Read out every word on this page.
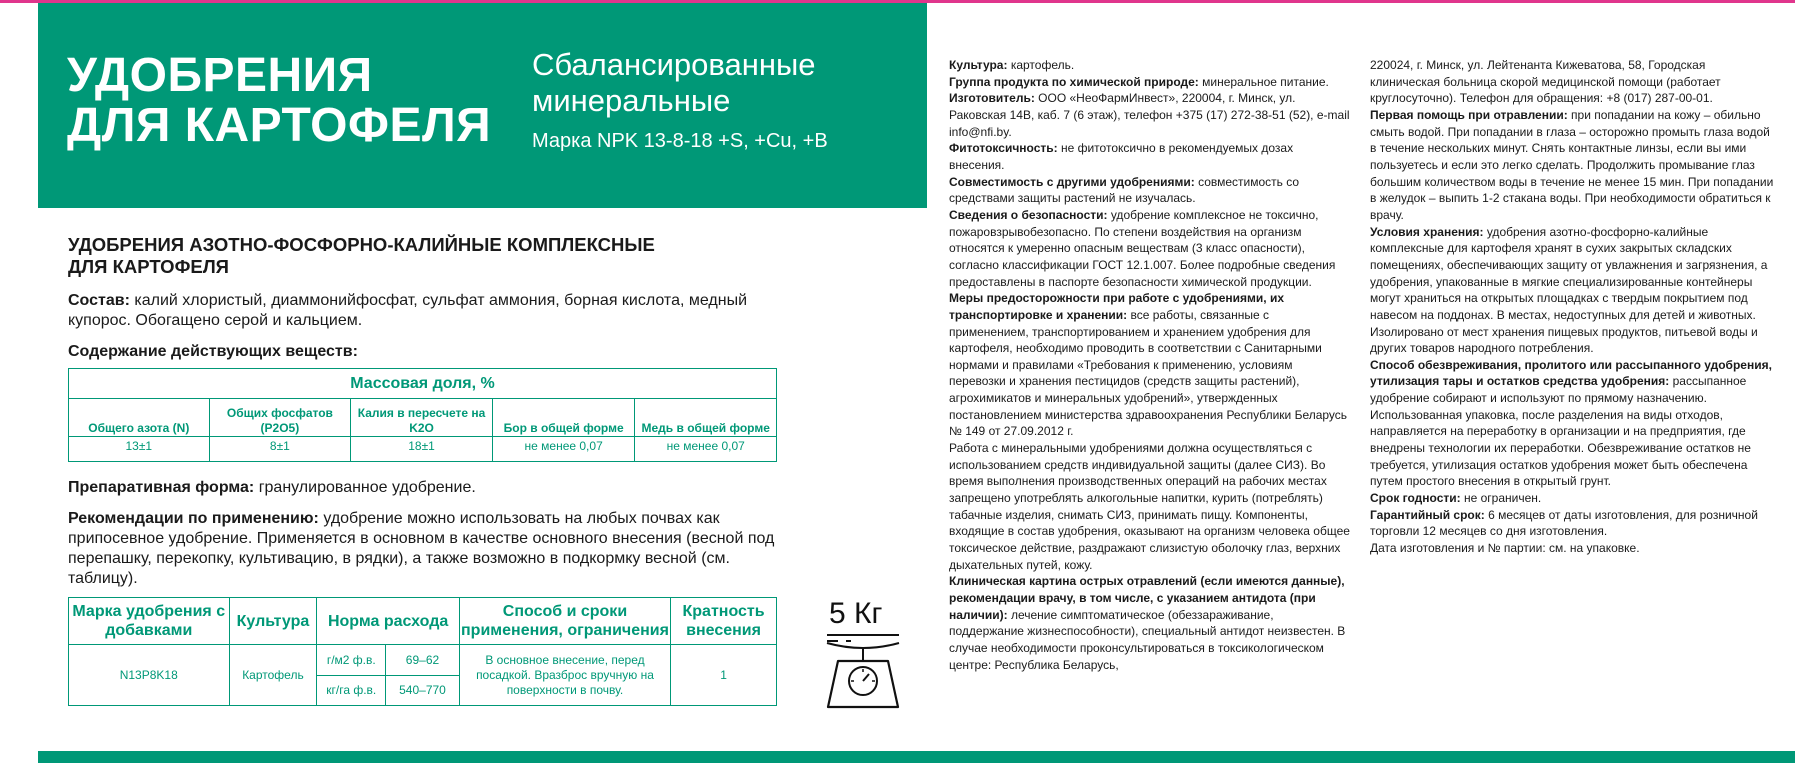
УДОБРЕНИЯ
ДЛЯ КАРТОФЕЛЯ
Сбалансированные
минеральные
Марка NPK 13-8-18 +S, +Cu, +B
УДОБРЕНИЯ АЗОТНО-ФОСФОРНО-КАЛИЙНЫЕ КОМПЛЕКСНЫЕ
ДЛЯ КАРТОФЕЛЯ
Состав: калий хлористый, диаммонийфосфат, сульфат аммония, борная кислота, медный купорос. Обогащено серой и кальцием.
Содержание действующих веществ:
Массовая доля, %				
Общего азота (N)	Общих фосфатов (P2O5)	Калия в пересчете на K2O	Бор в общей форме	Медь в общей форме
13±1	8±1	18±1	не менее 0,07	не менее 0,07
Препаративная форма: гранулированное удобрение.
Рекомендации по применению: удобрение можно использовать на любых почвах как припосевное удобрение. Применяется в основном в качестве основного внесения (весной под перепашку, перекопку, культивацию, в рядки), а также возможно в подкормку весной (см. таблицу).
Марка удобрения с добавками	Культура	Норма расхода		Способ и сроки применения, ограничения	Кратность внесения
N13P8K18	Картофель	г/м2 ф.в.	69–62	В основное внесение, перед посадкой. Вразброс вручную на поверхности в почву.	1
		кг/га ф.в.	540–770		
5 Кг
Культура: картофель.
Группа продукта по химической природе: минеральное питание.
Изготовитель: ООО «НеоФармИнвест», 220004, г. Минск, ул. Раковская 14В, каб. 7 (6 этаж), телефон +375 (17) 272-38-51 (52), e-mail info@nfi.by.
Фитотоксичность: не фитотоксично в рекомендуемых дозах внесения.
Совместимость с другими удобрениями: совместимость со средствами защиты растений не изучалась.
Сведения о безопасности: удобрение комплексное не токсично, пожаровзрывобезопасно. По степени воздействия на организм относятся к умеренно опасным веществам (3 класс опасности), согласно классификации ГОСТ 12.1.007. Более подробные сведения предоставлены в паспорте безопасности химической продукции.
Меры предосторожности при работе с удобрениями, их транспортировке и хранении: все работы, связанные с применением, транспортированием и хранением удобрения для картофеля, необходимо проводить в соответствии с Санитарными нормами и правилами «Требования к применению, условиям перевозки и хранения пестицидов (средств защиты растений), агрохимикатов и минеральных удобрений», утвержденных постановлением министерства здравоохранения Республики Беларусь № 149 от 27.09.2012 г.
Работа с минеральными удобрениями должна осуществляться с использованием средств индивидуальной защиты (далее СИЗ). Во время выполнения производственных операций на рабочих местах запрещено употреблять алкогольные напитки, курить (потреблять) табачные изделия, снимать СИЗ, принимать пищу. Компоненты, входящие в состав удобрения, оказывают на организм человека общее токсическое действие, раздражают слизистую оболочку глаз, верхних дыхательных путей, кожу.
Клиническая картина острых отравлений (если имеются данные), рекомендации врачу, в том числе, с указанием антидота (при наличии): лечение симптоматическое (обеззараживание, поддержание жизнеспособности), специальный антидот неизвестен. В случае необходимости проконсультироваться в токсикологическом центре: Республика Беларусь,
220024, г. Минск, ул. Лейтенанта Кижеватова, 58, Городская клиническая больница скорой медицинской помощи (работает круглосуточно). Телефон для обращения: +8 (017) 287-00-01.
Первая помощь при отравлении: при попадании на кожу – обильно смыть водой. При попадании в глаза – осторожно промыть глаза водой в течение нескольких минут. Снять контактные линзы, если вы ими пользуетесь и если это легко сделать. Продолжить промывание глаз большим количеством воды в течение не менее 15 мин. При попадании в желудок – выпить 1-2 стакана воды. При необходимости обратиться к врачу.
Условия хранения: удобрения азотно-фосфорно-калийные комплексные для картофеля хранят в сухих закрытых складских помещениях, обеспечивающих защиту от увлажнения и загрязнения, а удобрения, упакованные в мягкие специализированные контейнеры могут храниться на открытых площадках с твердым покрытием под навесом на поддонах. В местах, недоступных для детей и животных. Изолировано от мест хранения пищевых продуктов, питьевой воды и других товаров народного потребления.
Способ обезвреживания, пролитого или рассыпанного удобрения, утилизация тары и остатков средства удобрения: рассыпанное удобрение собирают и используют по прямому назначению. Использованная упаковка, после разделения на виды отходов, направляется на переработку в организации и на предприятия, где внедрены технологии их переработки. Обезвреживание остатков не требуется, утилизация остатков удобрения может быть обеспечена путем простого внесения в открытый грунт.
Срок годности: не ограничен.
Гарантийный срок: 6 месяцев от даты изготовления, для розничной торговли 12 месяцев со дня изготовления.
Дата изготовления и № партии: см. на упаковке.
